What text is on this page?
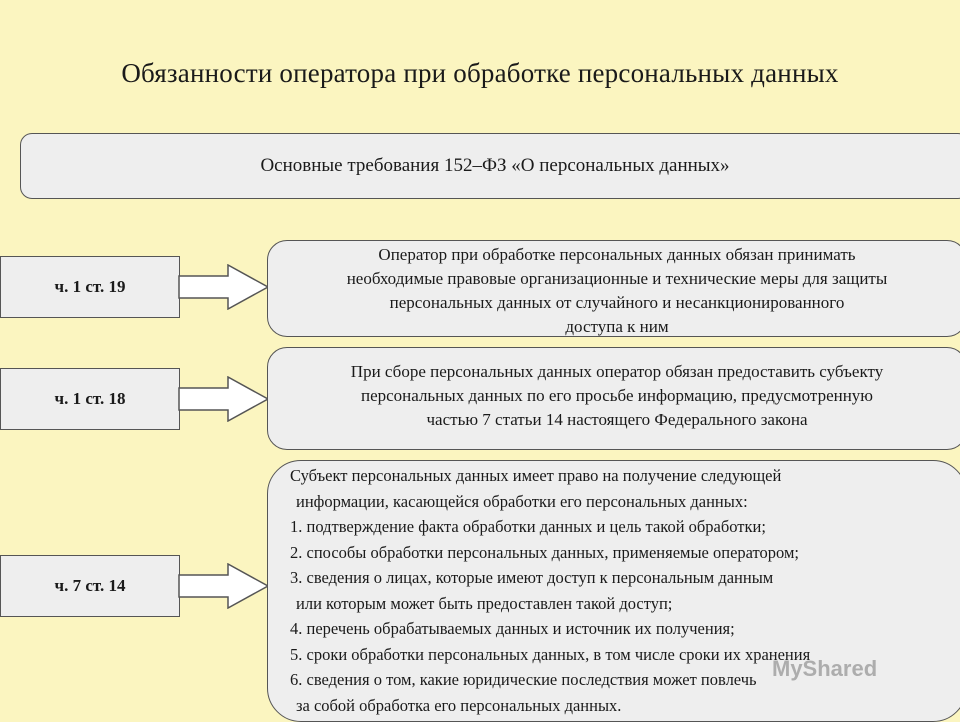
Обязанности оператора при обработке персональных данных
Основные требования 152–ФЗ «О персональных данных»
ч. 1 ст. 19
Оператор при обработке персональных данных обязан принимать
необходимые правовые организационные и технические меры для защиты
персональных данных от случайного и несанкционированного
доступа к ним
ч. 1 ст. 18
При сборе персональных данных оператор обязан предоставить субъекту
персональных данных по его просьбе информацию, предусмотренную
частью 7 статьи 14 настоящего Федерального закона
ч. 7 ст. 14
Субъект персональных данных имеет право на получение следующей
информации, касающейся обработки его персональных данных:
1. подтверждение факта обработки данных и цель такой обработки;
2. способы обработки персональных данных, применяемые оператором;
3. сведения о лицах, которые имеют доступ к персональным данным
или которым может быть предоставлен такой доступ;
4. перечень обрабатываемых данных и источник их получения;
5. сроки обработки персональных данных, в том числе сроки их хранения
6. сведения о том, какие юридические последствия может повлечь
за собой обработка его персональных данных.
MyShared
